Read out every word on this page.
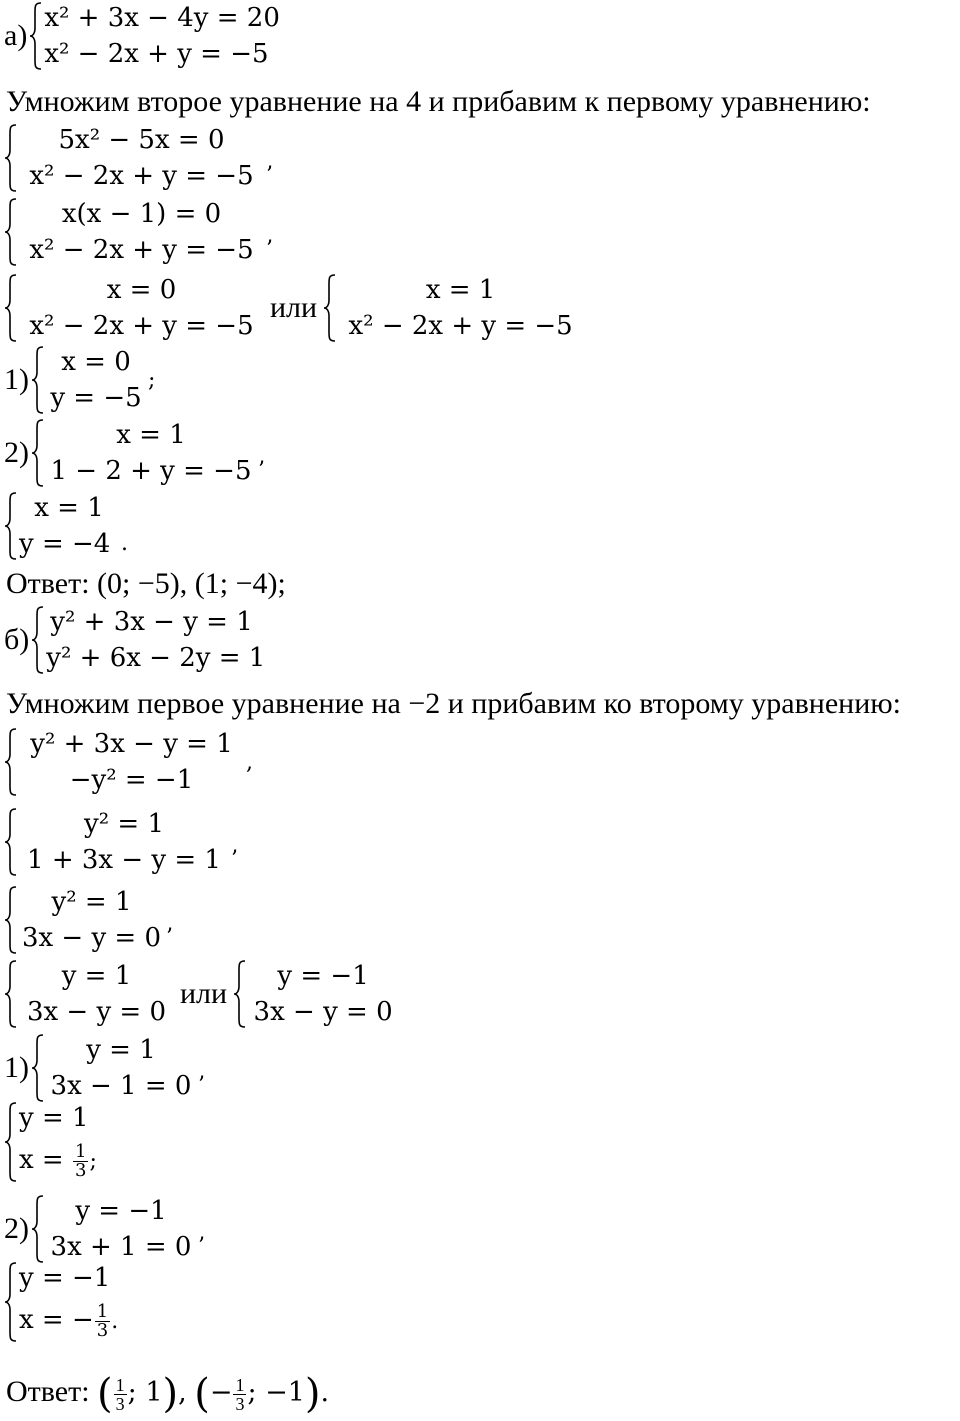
а)
x² + 3x − 4y = 20
x² − 2x + y = −5
Умножим второе уравнение на 4 и прибавим к первому уравнению:
5x² − 5x = 0
x² − 2x + y = −5 ’
x(x − 1) = 0
x² − 2x + y = −5 ’
x = 0
x² − 2x + y = −5
или
x = 1
x² − 2x + y = −5
1)
x = 0
y = −5
;
2)
x = 1
1 − 2 + y = −5 ’
x = 1
y = −4 .
Ответ: (0; −5), (1; −4);
б)
y² + 3x − y = 1
y² + 6x − 2y = 1
Умножим первое уравнение на −2 и прибавим ко второму уравнению:
y² + 3x − y = 1
−y² = −1
,
y² = 1
1 + 3x − y = 1 ’
y² = 1
3x − y = 0 ’
y = 1
3x − y = 0
или
y = −1
3x − y = 0
1)
y = 1
3x − 1 = 0 ’
y = 1
$x = \frac{1}{3}$ ;
2)
y = −1
3x + 1 = 0 ’
y = −1
x = − $\frac{1}{3}$ .
Ответ: ( $\frac{1}{3}$ ; 1), (− $\frac{1}{3}$ ; −1).
